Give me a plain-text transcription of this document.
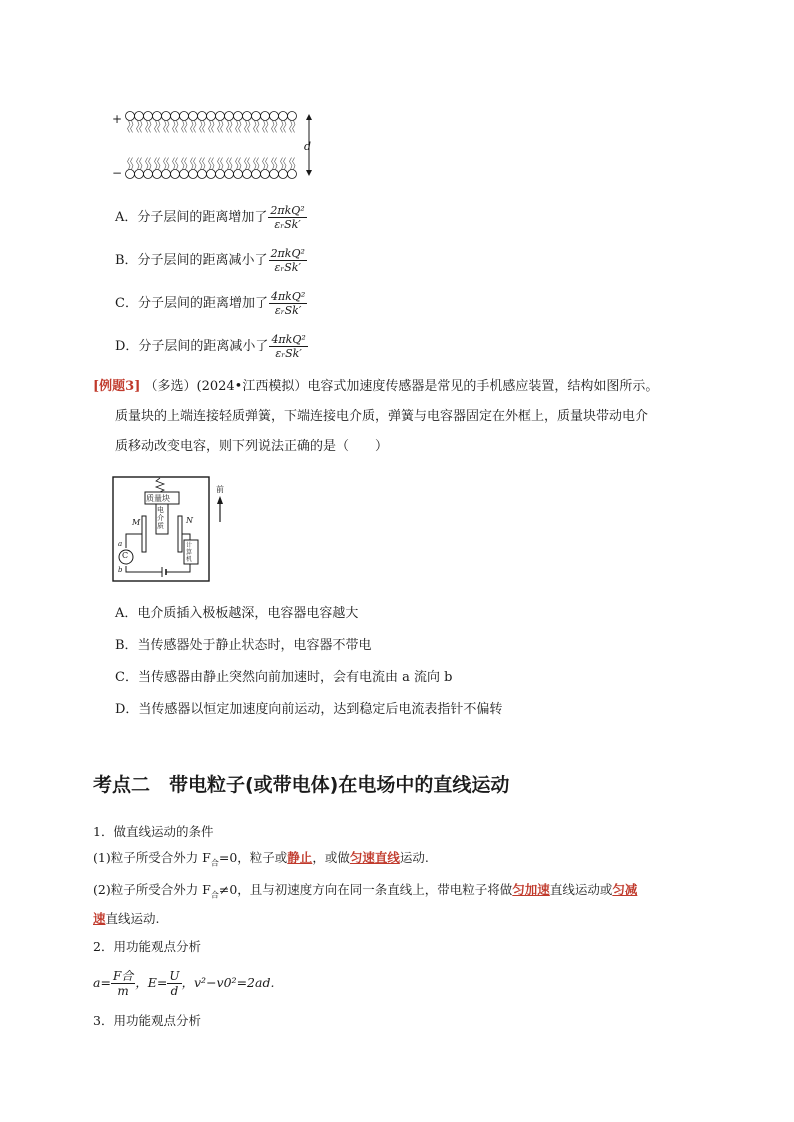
+
−
d
A．分子层间的距离增加了 $\frac{\text{2πkQ²}}{\text{εᵣSk′}}$
B．分子层间的距离减小了 $\frac{\text{2πkQ²}}{\text{εᵣSk′}}$
C．分子层间的距离增加了 $\frac{\text{4πkQ²}}{\text{εᵣSk′}}$
D．分子层间的距离减小了 $\frac{\text{4πkQ²}}{\text{εᵣSk′}}$
[例题3] （多选）(2024•江西模拟）电容式加速度传感器是常见的手机感应装置，结构如图所示。
质量块的上端连接轻质弹簧，下端连接电介质，弹簧与电容器固定在外框上，质量块带动电介
质移动改变电容，则下列说法正确的是（　　）
质量块
电介质
M	N
C
a
b
前
计算机
A．电介质插入极板越深，电容器电容越大
B．当传感器处于静止状态时，电容器不带电
C．当传感器由静止突然向前加速时，会有电流由 a 流向 b
D．当传感器以恒定加速度向前运动，达到稳定后电流表指针不偏转
考点二　带电粒子(或带电体)在电场中的直线运动
1．做直线运动的条件
(1)粒子所受合外力 $F_合=0$，粒子或静止，或做匀速直线运动.
(2)粒子所受合外力 $F_合\ne 0$，且与初速度方向在同一条直线上，带电粒子将做匀加速直线运动或匀减
速直线运动.
2．用功能观点分析
a= F合
m
，$E= \frac{U}{d}$ ，v²−v0²=2ad.
3．用功能观点分析
